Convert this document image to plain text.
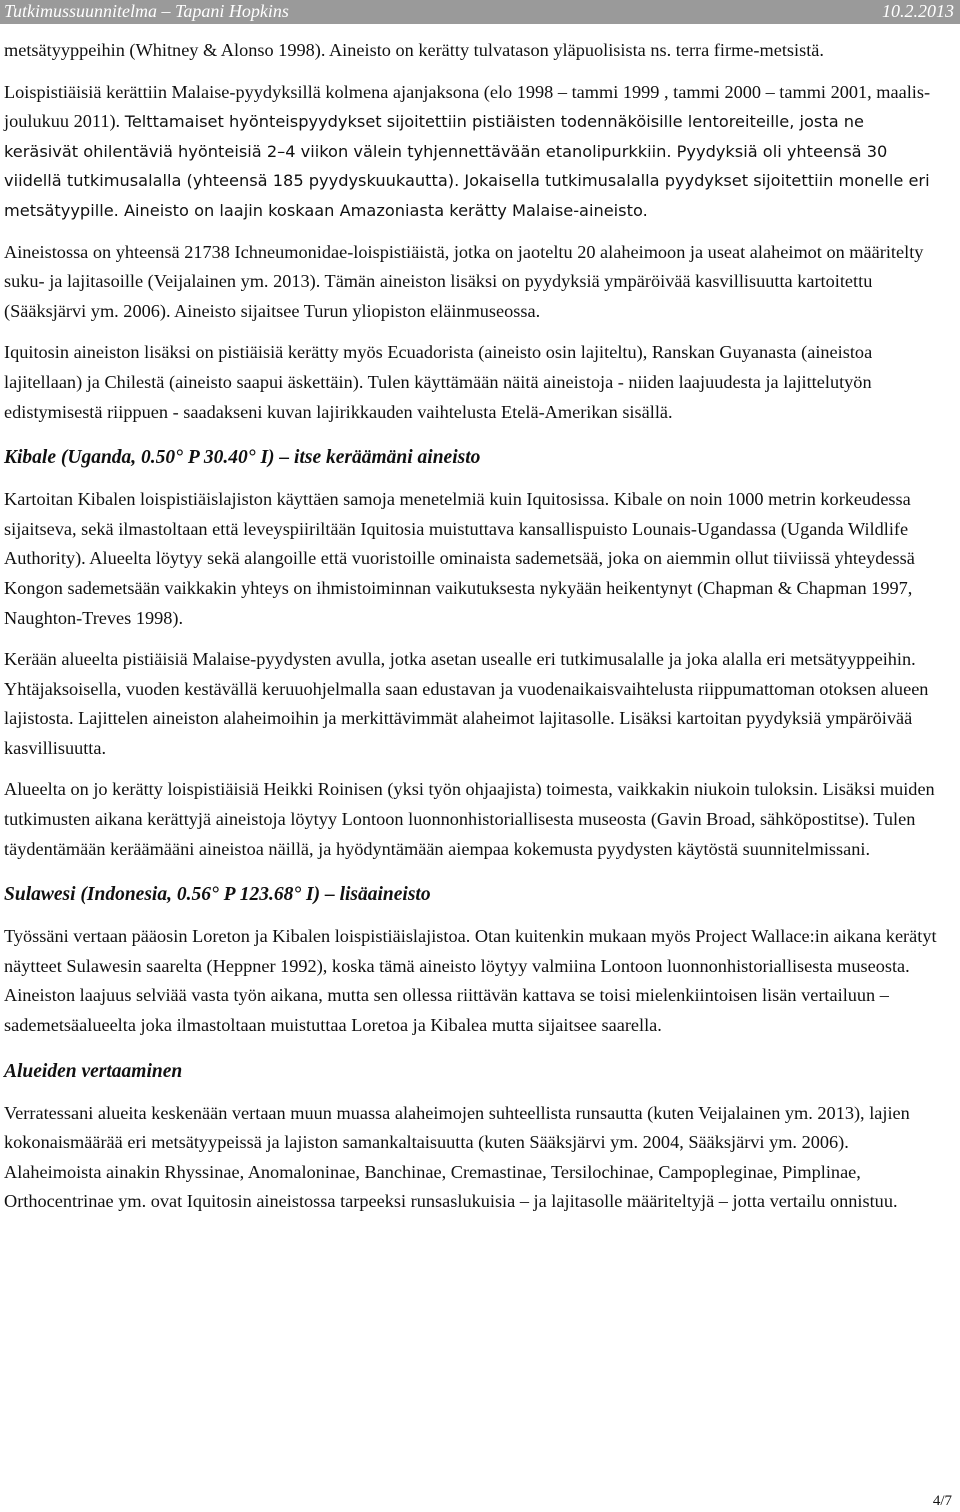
Tutkimussuunnitelma – Tapani Hopkins	10.2.2013

metsätyyppeihin (Whitney & Alonso 1998). Aineisto on kerätty tulvatason yläpuolisista ns. terra firme-metsistä.

Loispistiäisiä kerättiin Malaise-pyydyksillä kolmena ajanjaksona (elo 1998 – tammi 1999 , tammi 2000 – tammi 2001, maalis-joulukuu 2011). Telttamaiset hyönteispyydykset sijoitettiin pistiäisten todennäköisille lentoreiteille, josta ne keräsivät ohilentäviä hyönteisiä 2–4 viikon välein tyhjennettävään etanolipurkkiin. Pyydyksiä oli yhteensä 30 viidellä tutkimusalalla (yhteensä 185 pyydyskuukautta). Jokaisella tutkimusalalla pyydykset sijoitettiin monelle eri metsätyypille. Aineisto on laajin koskaan Amazoniasta kerätty Malaise-aineisto.

Aineistossa on yhteensä 21738 Ichneumonidae-loispistiäistä, jotka on jaoteltu 20 alaheimoon ja useat alaheimot on määritelty suku- ja lajitasoille (Veijalainen ym. 2013). Tämän aineiston lisäksi on pyydyksiä ympäröivää kasvillisuutta kartoitettu (Sääksjärvi ym. 2006). Aineisto sijaitsee Turun yliopiston eläinmuseossa.

Iquitosin aineiston lisäksi on pistiäisiä kerätty myös Ecuadorista (aineisto osin lajiteltu), Ranskan Guyanasta (aineistoa lajitellaan) ja Chilestä (aineisto saapui äskettäin). Tulen käyttämään näitä aineistoja - niiden laajuudesta ja lajittelutyön edistymisestä riippuen - saadakseni kuvan lajirikkauden vaihtelusta Etelä-Amerikan sisällä.

Kibale (Uganda, 0.50° P 30.40° I) – itse keräämäni aineisto

Kartoitan Kibalen loispistiäislajiston käyttäen samoja menetelmiä kuin Iquitosissa. Kibale on noin 1000 metrin korkeudessa sijaitseva, sekä ilmastoltaan että leveyspiiriltään Iquitosia muistuttava kansallispuisto Lounais-Ugandassa (Uganda Wildlife Authority). Alueelta löytyy sekä alangoille että vuoristoille ominaista sademetsää, joka on aiemmin ollut tiiviissä yhteydessä Kongon sademetsään vaikkakin yhteys on ihmistoiminnan vaikutuksesta nykyään heikentynyt (Chapman & Chapman 1997, Naughton-Treves 1998).

Kerään alueelta pistiäisiä Malaise-pyydysten avulla, jotka asetan usealle eri tutkimusalalle ja joka alalla eri metsätyyppeihin. Yhtäjaksoisella, vuoden kestävällä keruuohjelmalla saan edustavan ja vuodenaikaisvaihtelusta riippumattoman otoksen alueen lajistosta. Lajittelen aineiston alaheimoihin ja merkittävimmät alaheimot lajitasolle. Lisäksi kartoitan pyydyksiä ympäröivää kasvillisuutta.

Alueelta on jo kerätty loispistiäisiä Heikki Roinisen (yksi työn ohjaajista) toimesta, vaikkakin niukoin tuloksin. Lisäksi muiden tutkimusten aikana kerättyjä aineistoja löytyy Lontoon luonnonhistoriallisesta museosta (Gavin Broad, sähköpostitse). Tulen täydentämään keräämääni aineistoa näillä, ja hyödyntämään aiempaa kokemusta pyydysten käytöstä suunnitelmissani.

Sulawesi (Indonesia, 0.56° P 123.68° I) – lisäaineisto

Työssäni vertaan pääosin Loreton ja Kibalen loispistiäislajistoa. Otan kuitenkin mukaan myös Project Wallace:in aikana kerätyt näytteet Sulawesin saarelta (Heppner 1992), koska tämä aineisto löytyy valmiina Lontoon luonnonhistoriallisesta museosta. Aineiston laajuus selviää vasta työn aikana, mutta sen ollessa riittävän kattava se toisi mielenkiintoisen lisän vertailuun – sademetsäalueelta joka ilmastoltaan muistuttaa Loretoa ja Kibalea mutta sijaitsee saarella.

Alueiden vertaaminen

Verratessani alueita keskenään vertaan muun muassa alaheimojen suhteellista runsautta (kuten Veijalainen ym. 2013), lajien kokonaismäärää eri metsätyypeissä ja lajiston samankaltaisuutta (kuten Sääksjärvi ym. 2004, Sääksjärvi ym. 2006). Alaheimoista ainakin Rhyssinae, Anomaloninae, Banchinae, Cremastinae, Tersilochinae, Campopleginae, Pimplinae, Orthocentrinae ym. ovat Iquitosin aineistossa tarpeeksi runsaslukuisia – ja lajitasolle määriteltyjä – jotta vertailu onnistuu.

4/7
